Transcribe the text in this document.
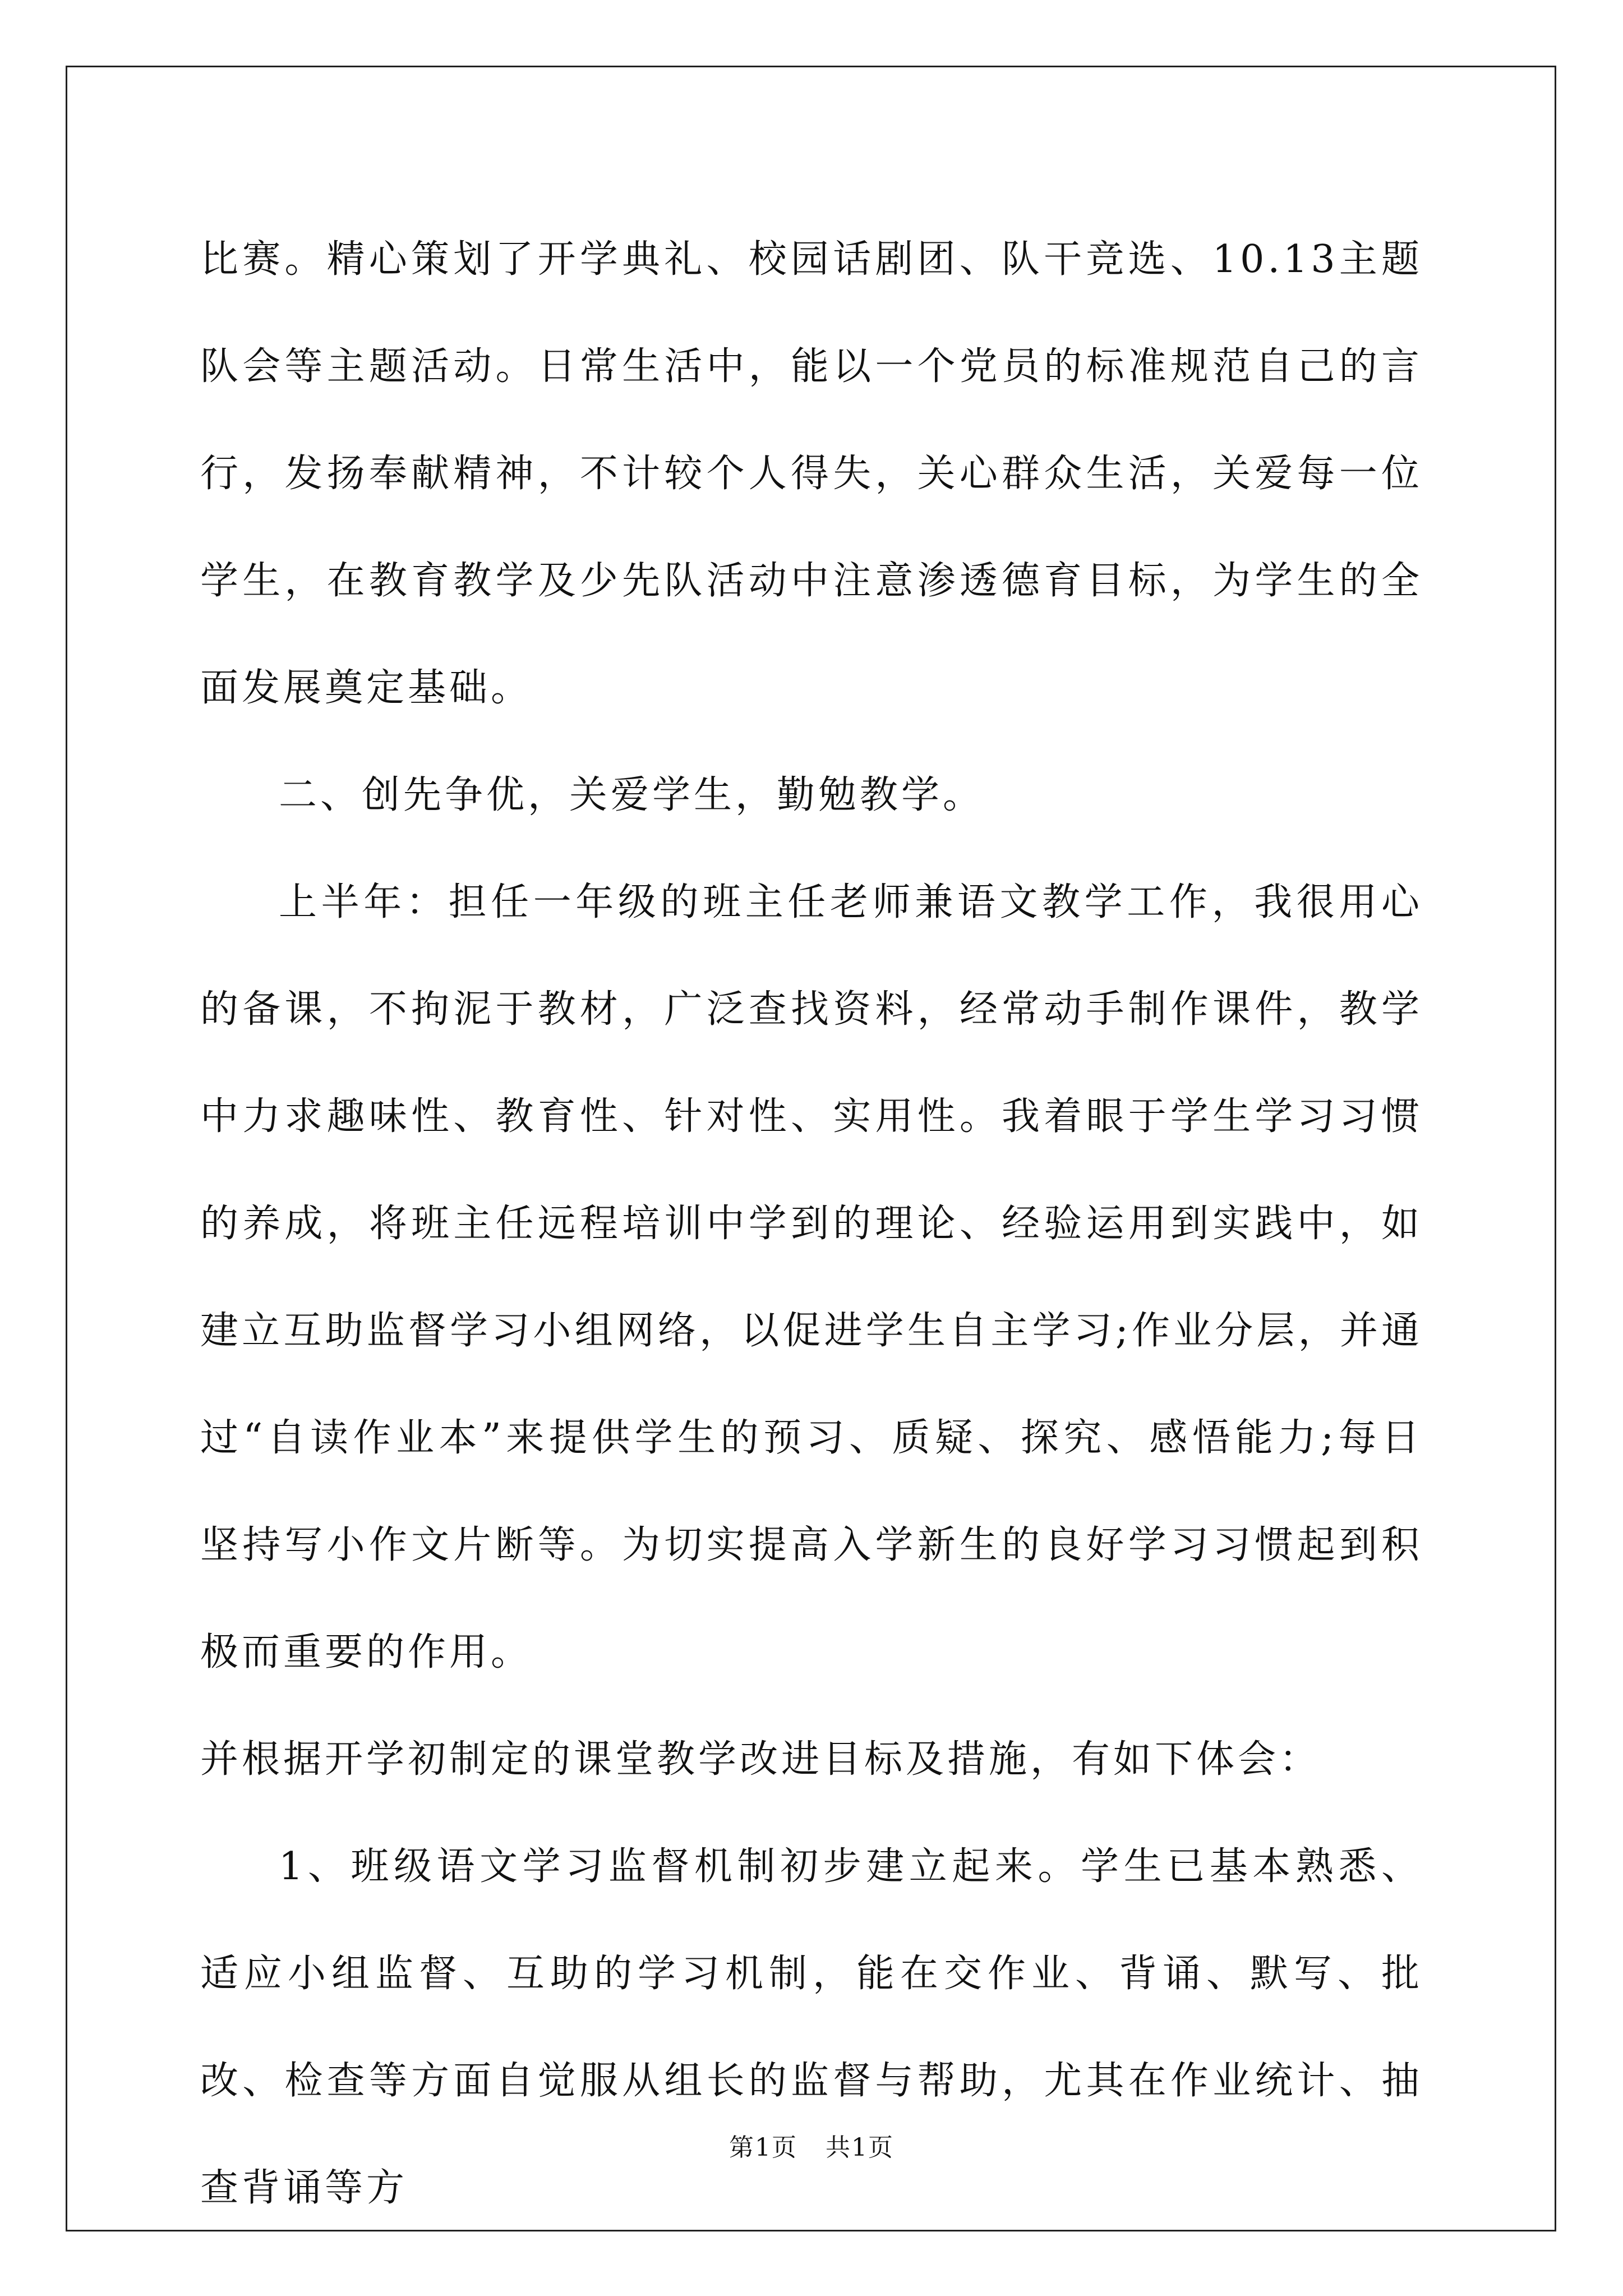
比赛。精心策划了开学典礼、校园话剧团、队干竞选、10.13主题队会等主题活动。日常生活中，能以一个党员的标准规范自己的言行，发扬奉献精神，不计较个人得失，关心群众生活，关爱每一位学生，在教育教学及少先队活动中注意渗透德育目标，为学生的全面发展奠定基础。

二、创先争优，关爱学生，勤勉教学。

上半年：担任一年级的班主任老师兼语文教学工作，我很用心的备课，不拘泥于教材，广泛查找资料，经常动手制作课件，教学中力求趣味性、教育性、针对性、实用性。我着眼于学生学习习惯的养成，将班主任远程培训中学到的理论、经验运用到实践中，如建立互助监督学习小组网络，以促进学生自主学习;作业分层，并通过“自读作业本”来提供学生的预习、质疑、探究、感悟能力;每日坚持写小作文片断等。为切实提高入学新生的良好学习习惯起到积极而重要的作用。

并根据开学初制定的课堂教学改进目标及措施，有如下体会：

1、班级语文学习监督机制初步建立起来。学生已基本熟悉、适应小组监督、互助的学习机制，能在交作业、背诵、默写、批改、检查等方面自觉服从组长的监督与帮助，尤其在作业统计、抽查背诵等方

第1页 共1页
